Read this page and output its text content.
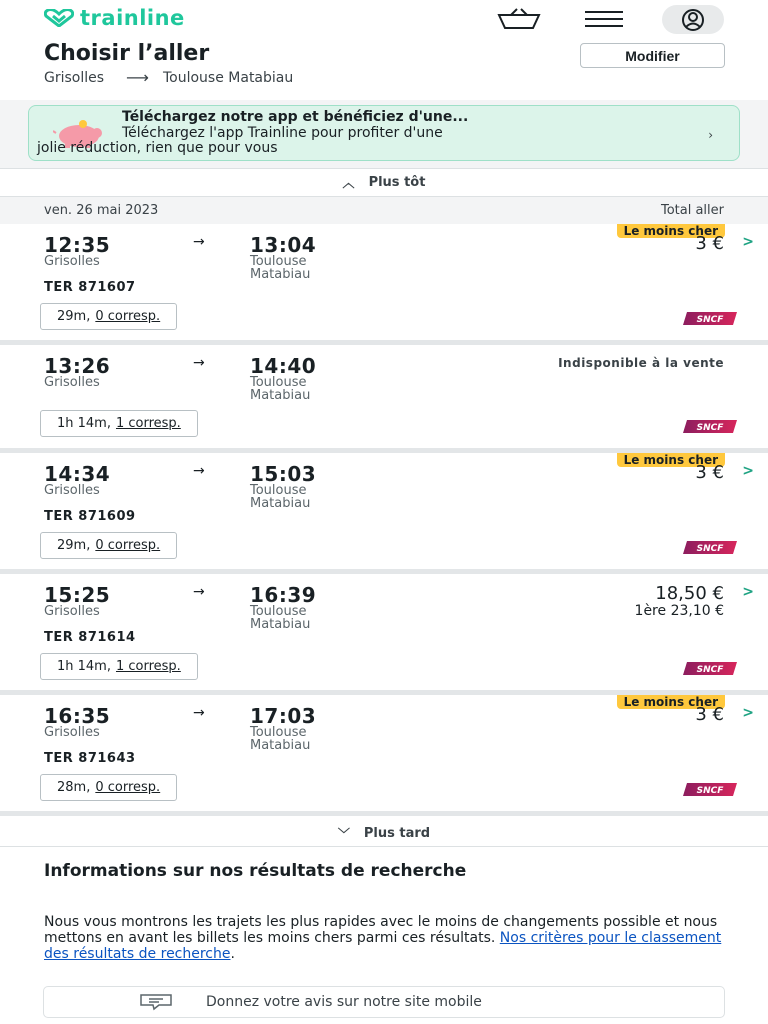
trainline
Choisir l’aller	Modifier
Grisolles ⟶ Toulouse Matabiau
Téléchargez notre app et bénéficiez d'une...
Téléchargez l'app Trainline pour profiter d'une
jolie réduction, rien que pour vous
›
︿ Plus tôt
ven. 26 mai 2023	Total aller
Le moins cher
12:35	→ 13:04
Grisolles	Toulouse
Matabiau
TER 871607
29m, 0 corresp.
3 € >
SNCF
13:26	→ 14:40
Grisolles	Toulouse
Matabiau
1h 14m, 1 corresp.
Indisponible à la vente
SNCF
Le moins cher
14:34	→ 15:03
Grisolles	Toulouse
Matabiau
TER 871609
29m, 0 corresp.
3 € >
SNCF
15:25	→ 16:39
Grisolles	Toulouse
Matabiau
TER 871614
1h 14m, 1 corresp.
18,50 €
1ère 23,10 €
>
SNCF
Le moins cher
16:35	→ 17:03
Grisolles	Toulouse
Matabiau
TER 871643
28m, 0 corresp.
3 € >
SNCF
﹀ Plus tard
Informations sur nos résultats de recherche
Nous vous montrons les trajets les plus rapides avec le moins de changements possible et nous mettons en avant les billets les moins chers parmi ces résultats. Nos critères pour le classement des résultats de recherche.
Donnez votre avis sur notre site mobile
